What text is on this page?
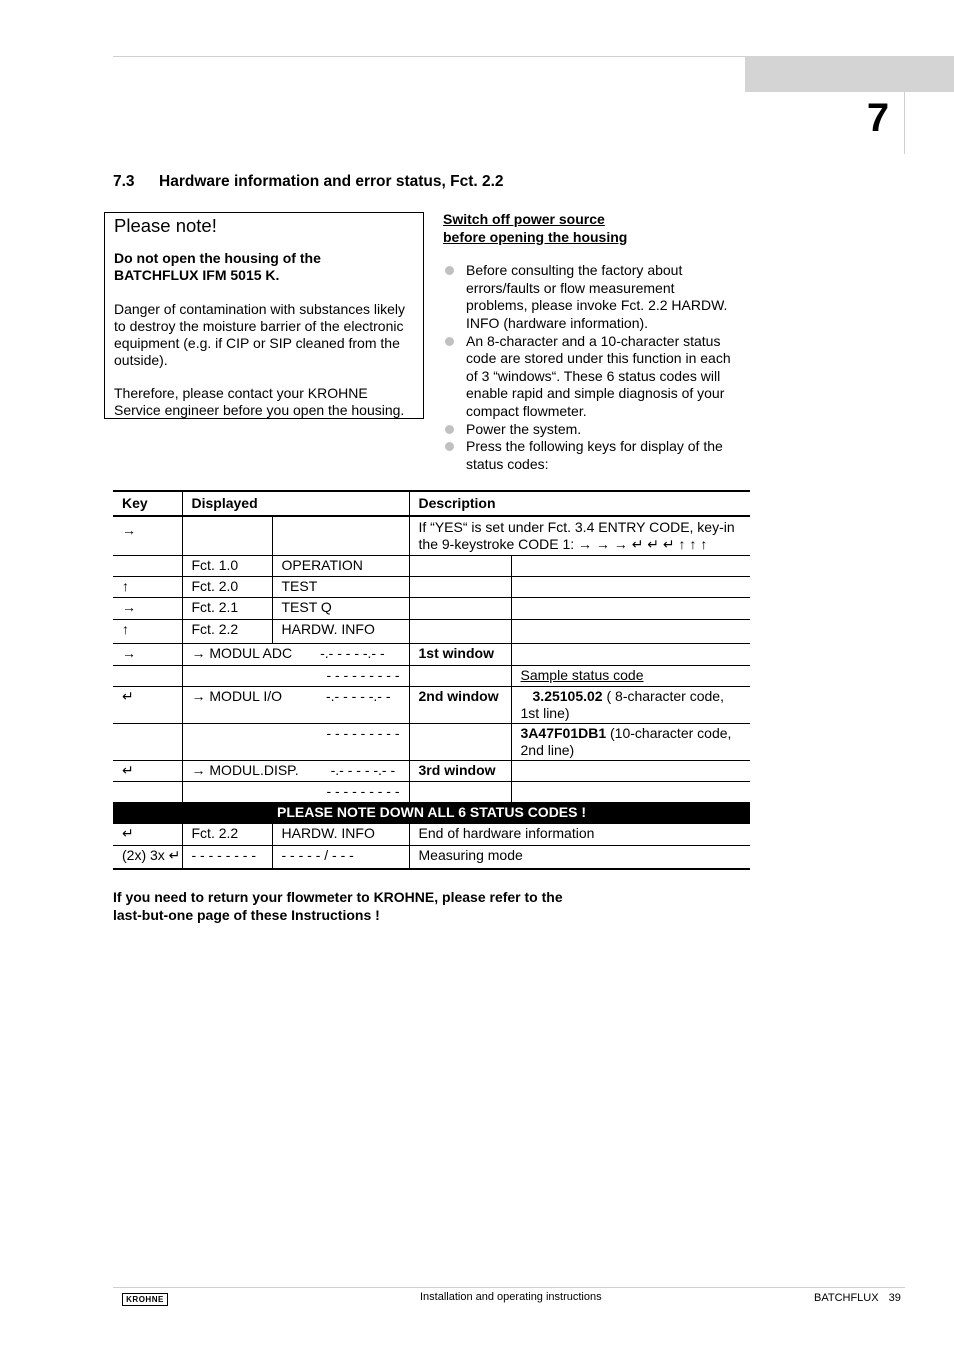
7
7.3 Hardware information and error status, Fct. 2.2
Please note!
Do not open the housing of the
BATCHFLUX IFM 5015 K.
Danger of contamination with substances likely
to destroy the moisture barrier of the electronic
equipment (e.g. if CIP or SIP cleaned from the
outside).
Therefore, please contact your KROHNE
Service engineer before you open the housing.
Switch off power source
before opening the housing
Before consulting the factory about
errors/faults or flow measurement
problems, please invoke Fct. 2.2 HARDW.
INFO (hardware information).
An 8-character and a 10-character status
code are stored under this function in each
of 3 “windows“. These 6 status codes will
enable rapid and simple diagnosis of your
compact flowmeter.
Power the system.
Press the following keys for display of the
status codes:
Key	Displayed		Description	
→			If “YES“ is set under Fct. 3.4 ENTRY CODE, key-in the 9-keystroke CODE 1: → → → ↵ ↵ ↵ ↑ ↑ ↑	
	Fct. 1.0	OPERATION		
↑	Fct. 2.0	TEST		
→	Fct. 2.1	TEST Q		
↑	Fct. 2.2	HARDW. INFO		
→	→ MODUL ADC -.- - - - -.- -		1st window	
	- - - - - - - - -			Sample status code
↵	→ MODUL I/O -.- - - - -.- -		2nd window	3.25105.02 ( 8-character code, 1st line)
	- - - - - - - - -			3A47F01DB1 (10-character code, 2nd line)
↵	→ MODUL.DISP. -.- - - - -.- -		3rd window	
	- - - - - - - - -			
PLEASE NOTE DOWN ALL 6 STATUS CODES !				
↵	Fct. 2.2	HARDW. INFO	End of hardware information	
(2x) 3x ↵	- - - - - - - -	- - - - - / - - -	Measuring mode	
If you need to return your flowmeter to KROHNE, please refer to the
last-but-one page of these Instructions !
KROHNE	Installation and operating instructions	BATCHFLUX 39
